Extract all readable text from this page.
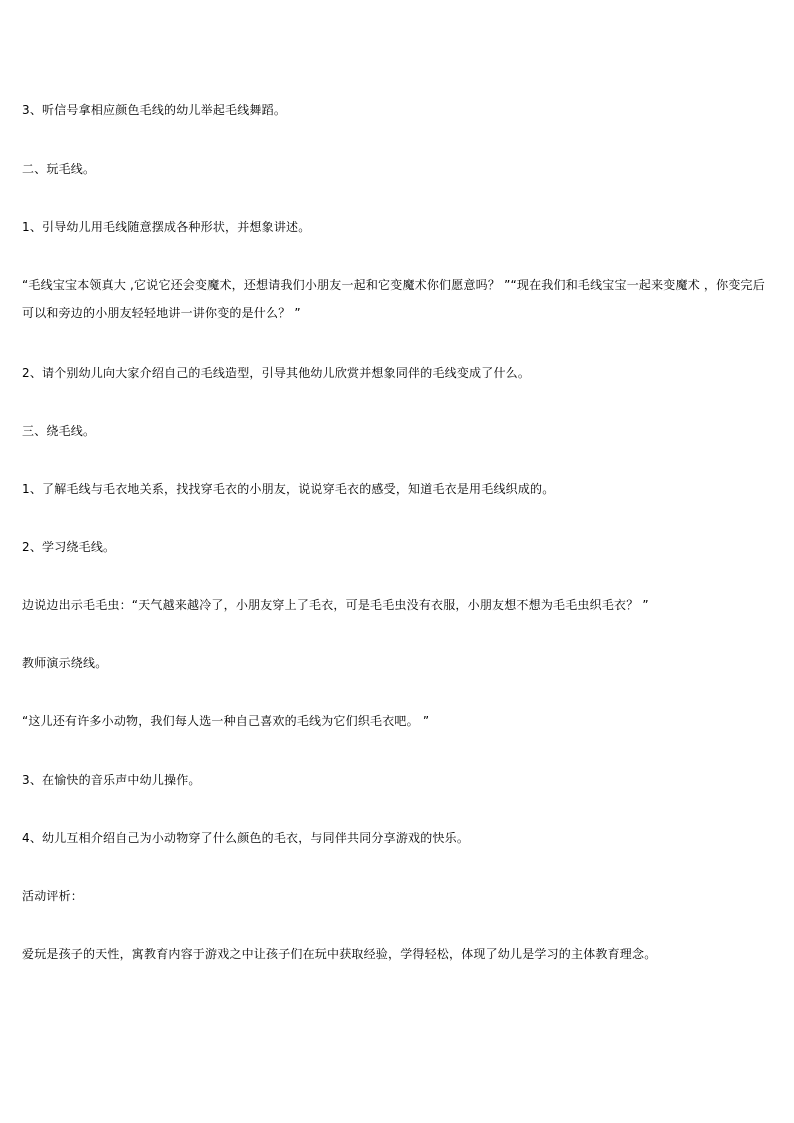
3、听信号拿相应颜色毛线的幼儿举起毛线舞蹈。
二、玩毛线。
1、引导幼儿用毛线随意摆成各种形状，并想象讲述。
“毛线宝宝本领真大 ,它说它还会变魔术，还想请我们小朋友一起和它变魔术你们愿意吗？ ”“现在我们和毛线宝宝一起来变魔术 ，你变完后可以和旁边的小朋友轻轻地讲一讲你变的是什么？ ”
2、请个别幼儿向大家介绍自己的毛线造型，引导其他幼儿欣赏并想象同伴的毛线变成了什么。
三、绕毛线。
1、了解毛线与毛衣地关系，找找穿毛衣的小朋友，说说穿毛衣的感受，知道毛衣是用毛线织成的。
2、学习绕毛线。
边说边出示毛毛虫：“天气越来越冷了，小朋友穿上了毛衣，可是毛毛虫没有衣服，小朋友想不想为毛毛虫织毛衣？ ”
教师演示绕线。
“这儿还有许多小动物，我们每人选一种自己喜欢的毛线为它们织毛衣吧。 ”
3、在愉快的音乐声中幼儿操作。
4、幼儿互相介绍自己为小动物穿了什么颜色的毛衣，与同伴共同分享游戏的快乐。
活动评析：
爱玩是孩子的天性，寓教育内容于游戏之中让孩子们在玩中获取经验，学得轻松，体现了幼儿是学习的主体教育理念。
